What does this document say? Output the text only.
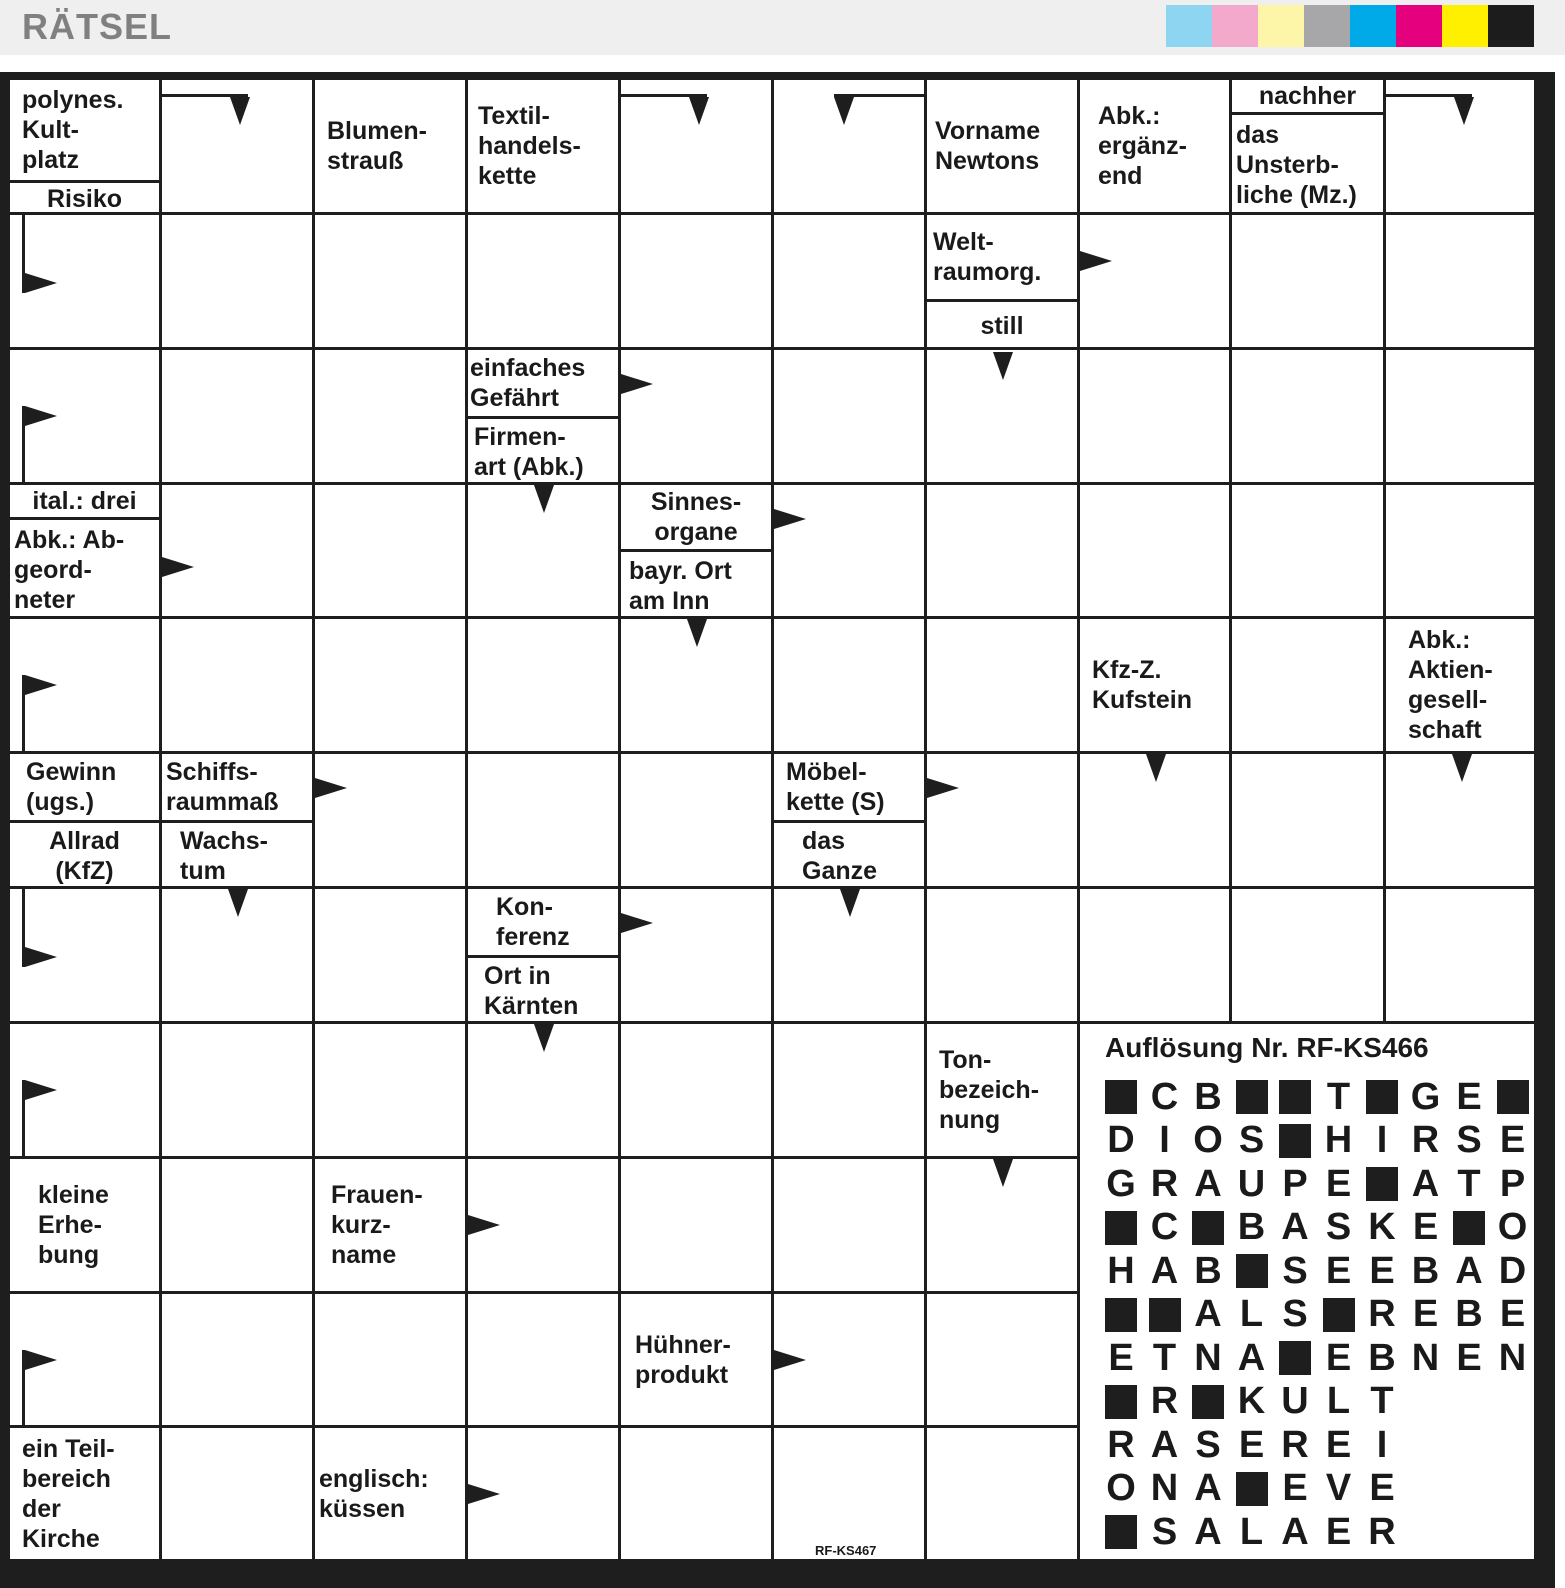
RÄTSEL
polynes.
Kult-
platz
Risiko
Blumen-
strauß
Textil-
handels-
kette
Vorname
Newtons
Abk.:
ergänz-
end
nachher
das
Unsterb-
liche (Mz.)
Welt-
raumorg.
still
einfaches
Gefährt
Firmen-
art (Abk.)
ital.: drei
Abk.: Ab-
geord-
neter
Sinnes-
organe
bayr. Ort
am Inn
Kfz-Z.
Kufstein
Abk.:
Aktien-
gesell-
schaft
Gewinn
(ugs.)
Allrad
(KfZ)
Schiffs-
raummaß
Wachs-
tum
Möbel-
kette (S)
das
Ganze
Kon-
ferenz
Ort in
Kärnten
Ton-
bezeich-
nung
kleine
Erhe-
bung
Frauen-
kurz-
name
Hühner-
produkt
ein Teil-
bereich
der
Kirche
englisch:
küssen
Auflösung Nr. RF-KS466
C B	T G E
D I O S H I R S E
G R A U P E A T P
C B A S K E O
H A B S E E B A D
A L S R E B E
E T N A E B N E N
R K U L T
R A S E R E I
O N A E V E
S A L A E R
RF-KS467
